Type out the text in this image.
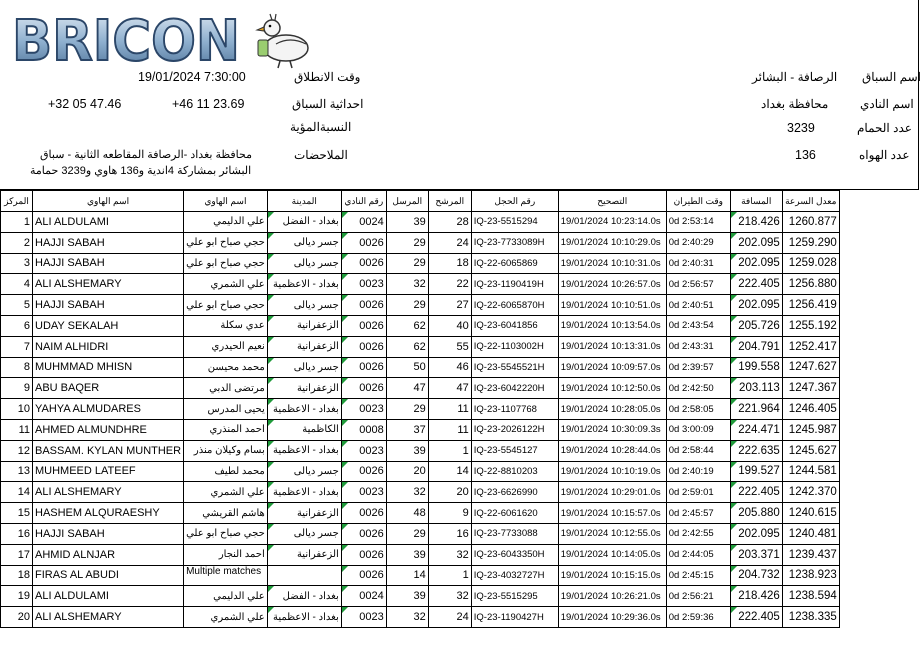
BRICON
اسم السباق
الرصافة - البشائر
وقت الانطلاق
19/01/2024 7:30:00
اسم النادي
محافظة بغداد
احداثية السباق
+46 11 23.69
+32 05 47.46
عدد الحمام
3239
النسبةالمؤية
عدد الهواه
136
الملاحضات
محافظة بغداد -الرصافة المقاطعه الثانية - سباق
البشائر بمشاركة 4اندية و136 هاوي و3239 حمامة
المركز	اسم الهاوي	اسم الهاوي	المدينة	رقم النادي	المرسل	المرشح	رقم الحجل	التصحيح	وقت الطيران	المسافة	معدل السرعة
1	ALI ALDULAMI	علي الدليمي	بغداد - الفضل	0024	39	28	IQ-23-5515294	19/01/2024 10:23:14.0s	0d 2:53:14	218.426	1260.877
2	HAJJI SABAH	حجي صباح ابو علي	جسر ديالى	0026	29	24	IQ-23-7733089H	19/01/2024 10:10:29.0s	0d 2:40:29	202.095	1259.290
3	HAJJI SABAH	حجي صباح ابو علي	جسر ديالى	0026	29	18	IQ-22-6065869	19/01/2024 10:10:31.0s	0d 2:40:31	202.095	1259.028
4	ALI ALSHEMARY	علي الشمري	بغداد - الاعظمية	0023	32	22	IQ-23-1190419H	19/01/2024 10:26:57.0s	0d 2:56:57	222.405	1256.880
5	HAJJI SABAH	حجي صباح ابو علي	جسر ديالى	0026	29	27	IQ-22-6065870H	19/01/2024 10:10:51.0s	0d 2:40:51	202.095	1256.419
6	UDAY SEKALAH	عدي سكلة	الزعفرانية	0026	62	40	IQ-23-6041856	19/01/2024 10:13:54.0s	0d 2:43:54	205.726	1255.192
7	NAIM ALHIDRI	نعيم الحيدري	الزعفرانية	0026	62	55	IQ-22-1103002H	19/01/2024 10:13:31.0s	0d 2:43:31	204.791	1252.417
8	MUHMMAD MHISN	محمد محيسن	جسر ديالى	0026	50	46	IQ-23-5545521H	19/01/2024 10:09:57.0s	0d 2:39:57	199.558	1247.627
9	ABU BAQER	مرتضى الدبي	الزعفرانية	0026	47	47	IQ-23-6042220H	19/01/2024 10:12:50.0s	0d 2:42:50	203.113	1247.367
10	YAHYA ALMUDARES	يحيى المدرس	بغداد - الاعظمية	0023	29	11	IQ-23-1107768	19/01/2024 10:28:05.0s	0d 2:58:05	221.964	1246.405
11	AHMED ALMUNDHRE	احمد المنذري	الكاظمية	0008	37	11	IQ-23-2026122H	19/01/2024 10:30:09.3s	0d 3:00:09	224.471	1245.987
12	BASSAM. KYLAN MUNTHER	بسام وكيلان منذر	بغداد - الاعظمية	0023	39	1	IQ-23-5545127	19/01/2024 10:28:44.0s	0d 2:58:44	222.635	1245.627
13	MUHMEED LATEEF	محمد لطيف	جسر ديالى	0026	20	14	IQ-22-8810203	19/01/2024 10:10:19.0s	0d 2:40:19	199.527	1244.581
14	ALI ALSHEMARY	علي الشمري	بغداد - الاعظمية	0023	32	20	IQ-23-6626990	19/01/2024 10:29:01.0s	0d 2:59:01	222.405	1242.370
15	HASHEM ALQURAESHY	هاشم القريشي	الزعفرانية	0026	48	9	IQ-22-6061620	19/01/2024 10:15:57.0s	0d 2:45:57	205.880	1240.615
16	HAJJI SABAH	حجي صباح ابو علي	جسر ديالى	0026	29	16	IQ-23-7733088	19/01/2024 10:12:55.0s	0d 2:42:55	202.095	1240.481
17	AHMID ALNJAR	احمد النجار	الزعفرانية	0026	39	32	IQ-23-6043350H	19/01/2024 10:14:05.0s	0d 2:44:05	203.371	1239.437
18	FIRAS AL ABUDI	Multiple matches		0026	14	1	IQ-23-4032727H	19/01/2024 10:15:15.0s	0d 2:45:15	204.732	1238.923
19	ALI ALDULAMI	علي الدليمي	بغداد - الفضل	0024	39	32	IQ-23-5515295	19/01/2024 10:26:21.0s	0d 2:56:21	218.426	1238.594
20	ALI ALSHEMARY	علي الشمري	بغداد - الاعظمية	0023	32	24	IQ-23-1190427H	19/01/2024 10:29:36.0s	0d 2:59:36	222.405	1238.335
